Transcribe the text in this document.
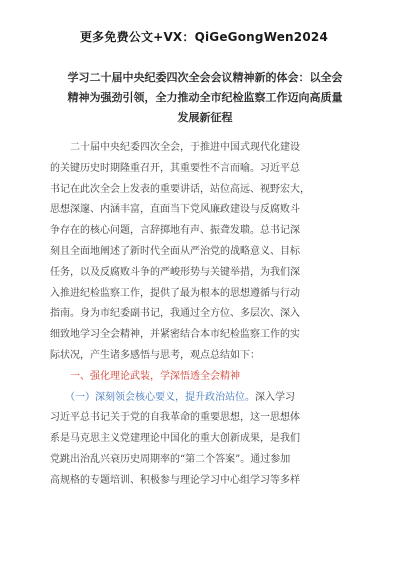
更多免费公文+VX：QiGeGongWen2024
学习二十届中央纪委四次全会会议精神新的体会：以全会
精神为强劲引领，全力推动全市纪检监察工作迈向高质量
发展新征程
　　二十届中央纪委四次全会，于推进中国式现代化建设
的关键历史时期隆重召开，其重要性不言而喻。习近平总
书记在此次全会上发表的重要讲话，站位高远、视野宏大，
思想深邃、内涵丰富，直面当下党风廉政建设与反腐败斗
争存在的核心问题，言辞掷地有声、振聋发聩。总书记深
刻且全面地阐述了新时代全面从严治党的战略意义、目标
任务，以及反腐败斗争的严峻形势与关键举措，为我们深
入推进纪检监察工作，提供了最为根本的思想遵循与行动
指南。身为市纪委副书记，我通过全方位、多层次、深入
细致地学习全会精神，并紧密结合本市纪检监察工作的实
际状况，产生诸多感悟与思考，观点总结如下：
　　一、强化理论武装，学深悟透全会精神
　　（一）深刻领会核心要义，提升政治站位。深入学习
习近平总书记关于党的自我革命的重要思想，这一思想体
系是马克思主义党建理论中国化的重大创新成果，是我们
党跳出治乱兴衰历史周期率的“第二个答案”。通过参加
高规格的专题培训、积极参与理论学习中心组学习等多样
